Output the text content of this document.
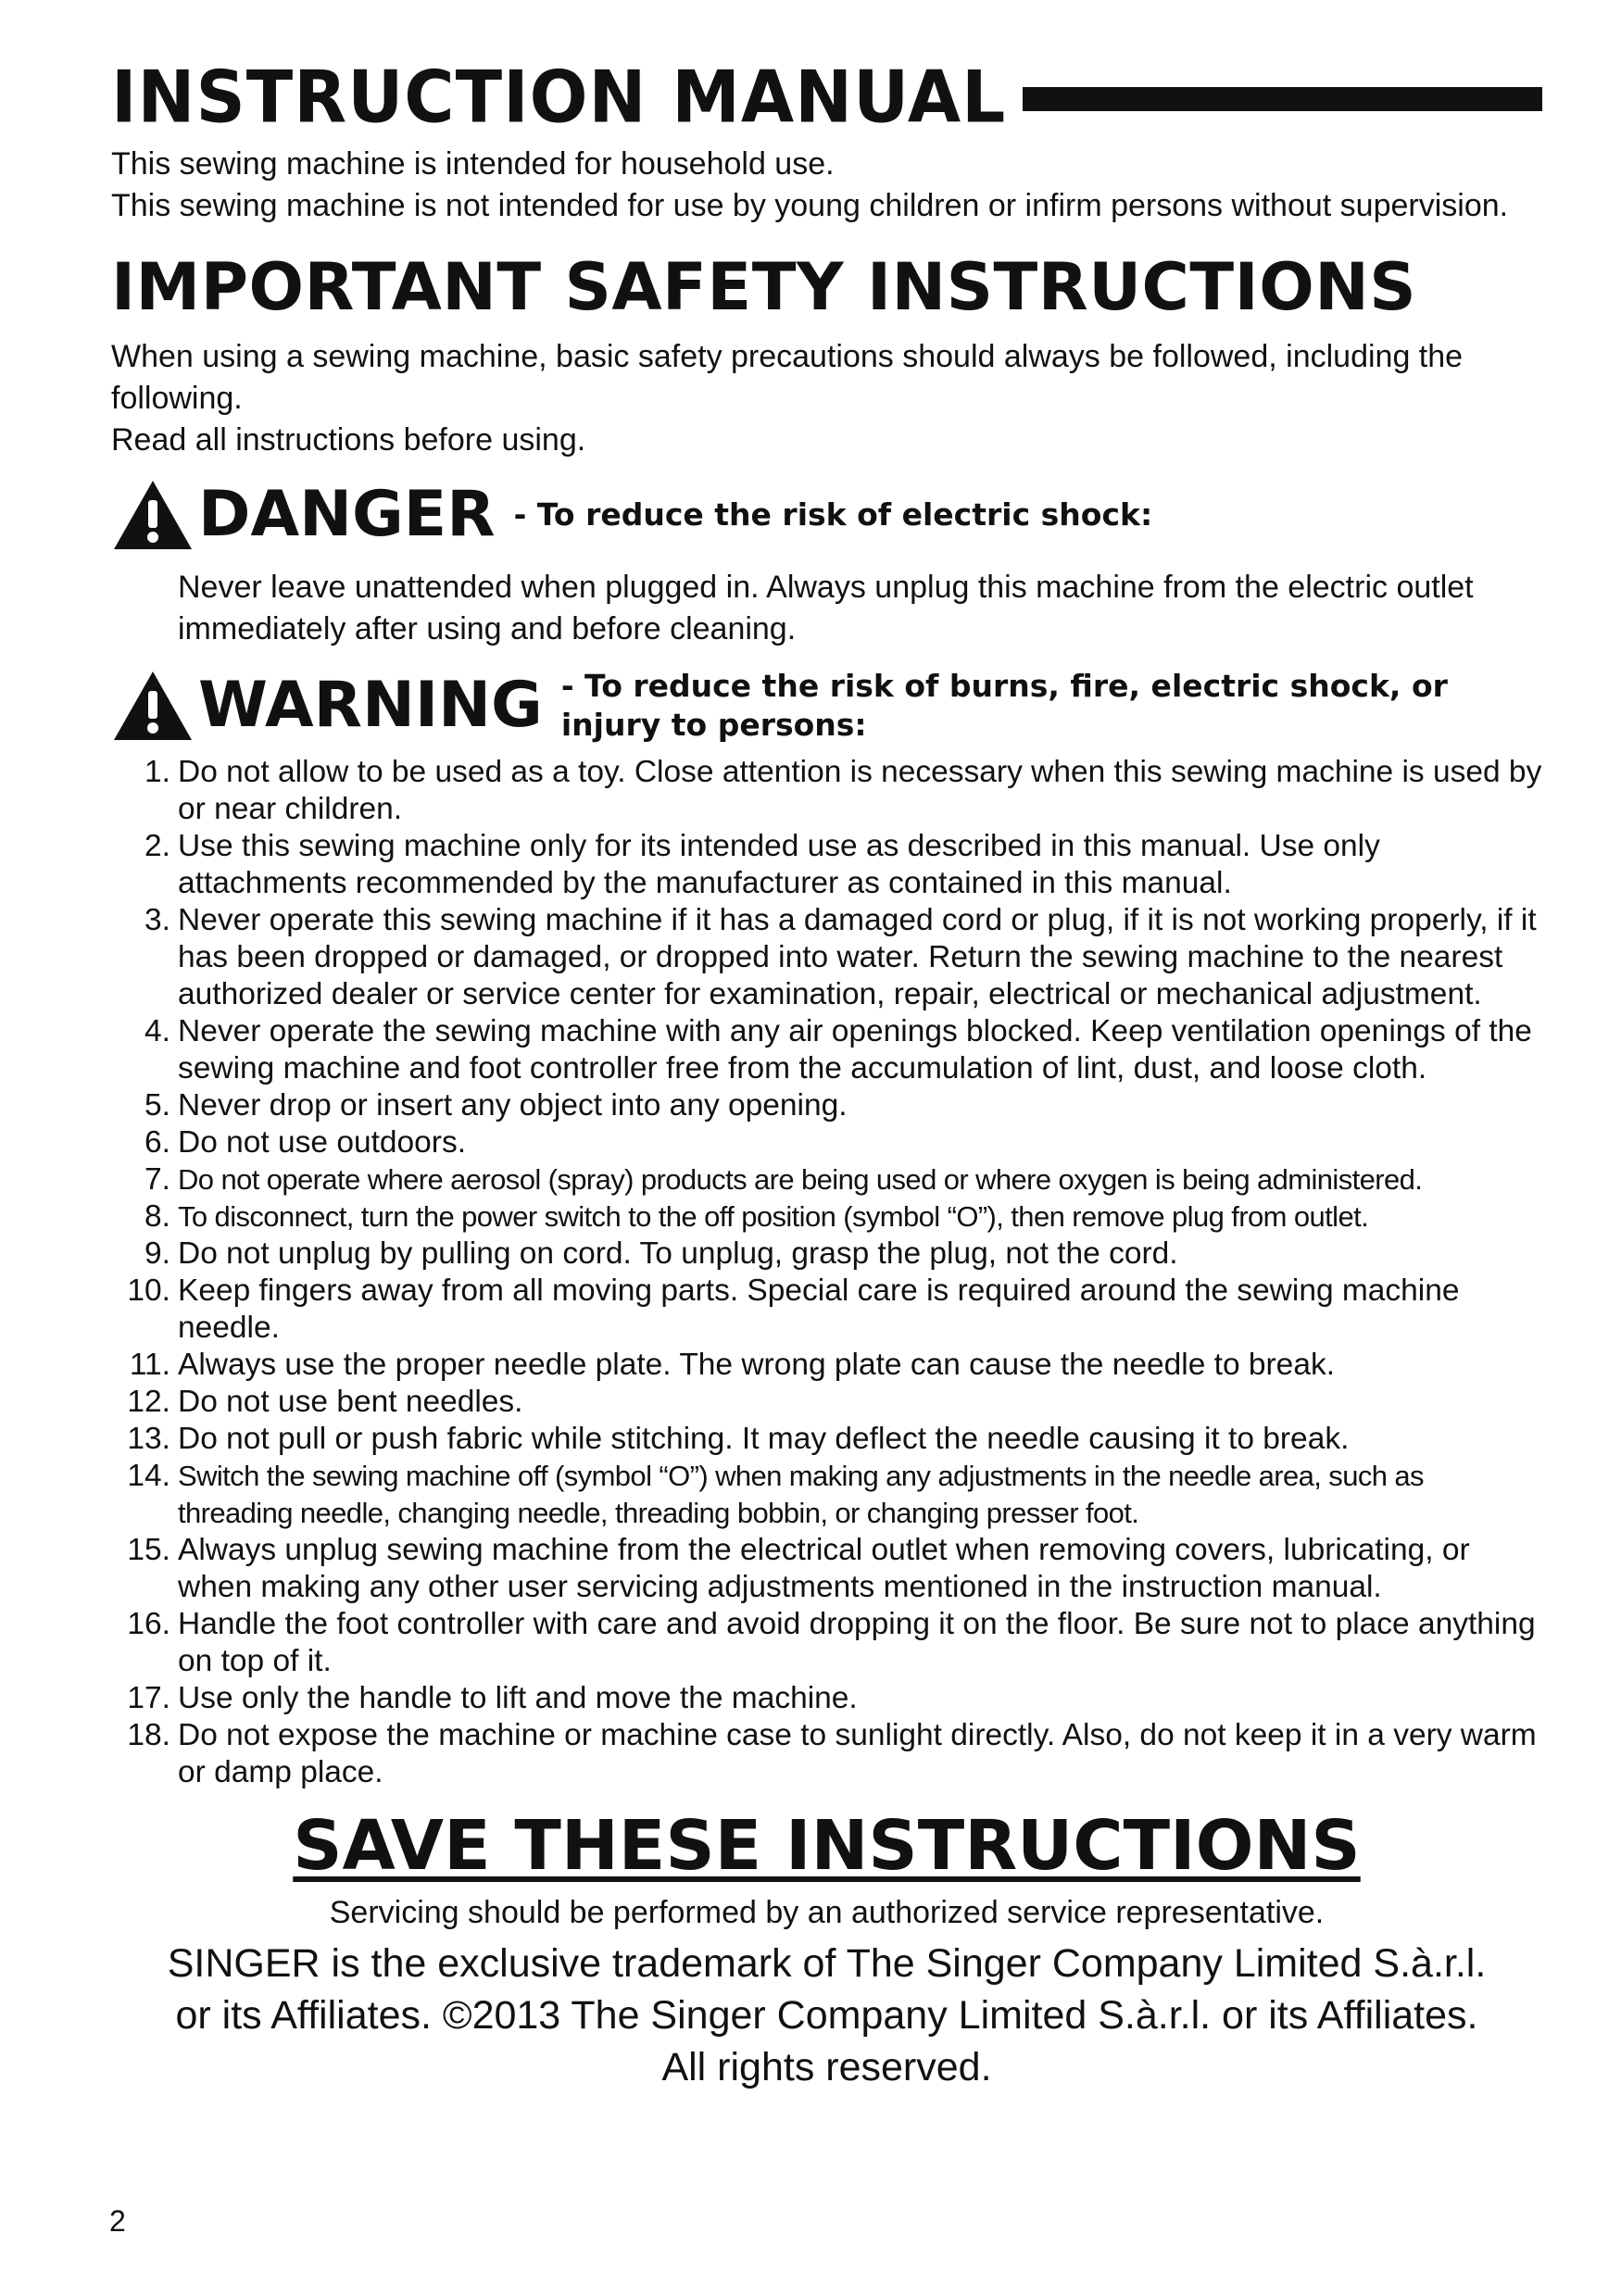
INSTRUCTION MANUAL

This sewing machine is intended for household use.

This sewing machine is not intended for use by young children or infirm persons without supervision.

IMPORTANT SAFETY INSTRUCTIONS

When using a sewing machine, basic safety precautions should always be followed, including the following.

Read all instructions before using.

DANGER - To reduce the risk of electric shock:

Never leave unattended when plugged in. Always unplug this machine from the electric outlet immediately after using and before cleaning.

WARNING - To reduce the risk of burns, fire, electric shock, or injury to persons:
1. Do not allow to be used as a toy. Close attention is necessary when this sewing machine is used by or near children.
2. Use this sewing machine only for its intended use as described in this manual. Use only attachments recommended by the manufacturer as contained in this manual.
3. Never operate this sewing machine if it has a damaged cord or plug, if it is not working properly, if it has been dropped or damaged, or dropped into water. Return the sewing machine to the nearest authorized dealer or service center for examination, repair, electrical or mechanical adjustment.
4. Never operate the sewing machine with any air openings blocked. Keep ventilation openings of the sewing machine and foot controller free from the accumulation of lint, dust, and loose cloth.
5. Never drop or insert any object into any opening.
6. Do not use outdoors.
7. Do not operate where aerosol (spray) products are being used or where oxygen is being administered.
8. To disconnect, turn the power switch to the off position (symbol “O”), then remove plug from outlet.
9. Do not unplug by pulling on cord. To unplug, grasp the plug, not the cord.
10. Keep fingers away from all moving parts. Special care is required around the sewing machine needle.
11. Always use the proper needle plate. The wrong plate can cause the needle to break.
12. Do not use bent needles.
13. Do not pull or push fabric while stitching. It may deflect the needle causing it to break.
14. Switch the sewing machine off (symbol “O”) when making any adjustments in the needle area, such as threading needle, changing needle, threading bobbin, or changing presser foot.
15. Always unplug sewing machine from the electrical outlet when removing covers, lubricating, or when making any other user servicing adjustments mentioned in the instruction manual.
16. Handle the foot controller with care and avoid dropping it on the floor. Be sure not to place anything on top of it.
17. Use only the handle to lift and move the machine.
18. Do not expose the machine or machine case to sunlight directly. Also, do not keep it in a very warm or damp place.
SAVE THESE INSTRUCTIONS

Servicing should be performed by an authorized service representative.

SINGER is the exclusive trademark of The Singer Company Limited S.à.r.l.

or its Affiliates. ©2013 The Singer Company Limited S.à.r.l. or its Affiliates.

All rights reserved.

2
